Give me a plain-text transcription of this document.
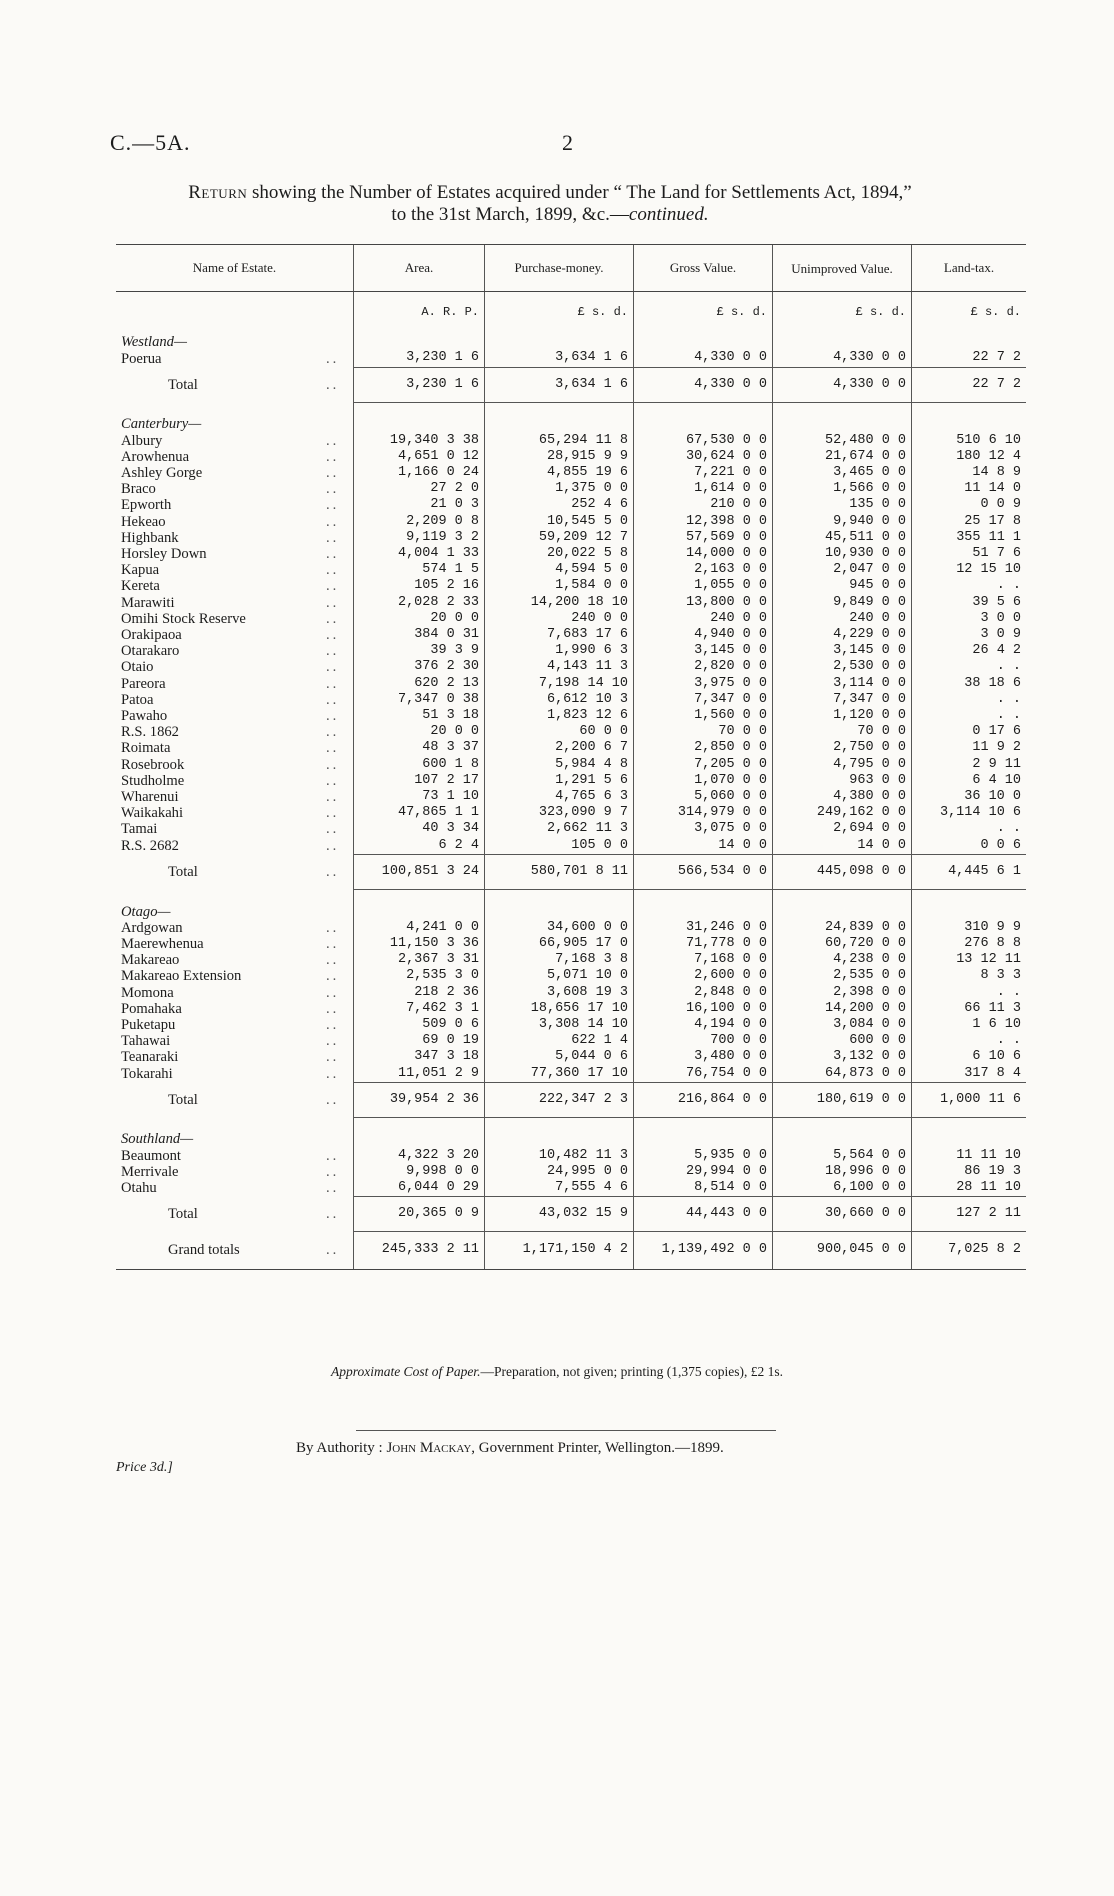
C.—5A.	2
Return showing the Number of Estates acquired under “ The Land for Settlements Act, 1894,”
to the 31st March, 1899, &c.—continued.
Name of Estate.		Area.	Purchase-money.	Gross Value.	Unimproved Value.	Land-tax.
		A. R. P.	£ s. d.	£ s. d.	£ s. d.	£ s. d.
Westland—						
Poerua	..	3,230 1 6	3,634 1 6	4,330 0 0	4,330 0 0	22 7 2
Total	..	3,230 1 6	3,634 1 6	4,330 0 0	4,330 0 0	22 7 2
Canterbury—						
Albury	..	19,340 3 38	65,294 11 8	67,530 0 0	52,480 0 0	510 6 10
Arowhenua	..	4,651 0 12	28,915 9 9	30,624 0 0	21,674 0 0	180 12 4
Ashley Gorge	..	1,166 0 24	4,855 19 6	7,221 0 0	3,465 0 0	14 8 9
Braco	..	27 2 0	1,375 0 0	1,614 0 0	1,566 0 0	11 14 0
Epworth	..	21 0 3	252 4 6	210 0 0	135 0 0	0 0 9
Hekeao	..	2,209 0 8	10,545 5 0	12,398 0 0	9,940 0 0	25 17 8
Highbank	..	9,119 3 2	59,209 12 7	57,569 0 0	45,511 0 0	355 11 1
Horsley Down	..	4,004 1 33	20,022 5 8	14,000 0 0	10,930 0 0	51 7 6
Kapua	..	574 1 5	4,594 5 0	2,163 0 0	2,047 0 0	12 15 10
Kereta	..	105 2 16	1,584 0 0	1,055 0 0	945 0 0	. .
Marawiti	..	2,028 2 33	14,200 18 10	13,800 0 0	9,849 0 0	39 5 6
Omihi Stock Reserve	..	20 0 0	240 0 0	240 0 0	240 0 0	3 0 0
Orakipaoa	..	384 0 31	7,683 17 6	4,940 0 0	4,229 0 0	3 0 9
Otarakaro	..	39 3 9	1,990 6 3	3,145 0 0	3,145 0 0	26 4 2
Otaio	..	376 2 30	4,143 11 3	2,820 0 0	2,530 0 0	. .
Pareora	..	620 2 13	7,198 14 10	3,975 0 0	3,114 0 0	38 18 6
Patoa	..	7,347 0 38	6,612 10 3	7,347 0 0	7,347 0 0	. .
Pawaho	..	51 3 18	1,823 12 6	1,560 0 0	1,120 0 0	. .
R.S. 1862	..	20 0 0	60 0 0	70 0 0	70 0 0	0 17 6
Roimata	..	48 3 37	2,200 6 7	2,850 0 0	2,750 0 0	11 9 2
Rosebrook	..	600 1 8	5,984 4 8	7,205 0 0	4,795 0 0	2 9 11
Studholme	..	107 2 17	1,291 5 6	1,070 0 0	963 0 0	6 4 10
Wharenui	..	73 1 10	4,765 6 3	5,060 0 0	4,380 0 0	36 10 0
Waikakahi	..	47,865 1 1	323,090 9 7	314,979 0 0	249,162 0 0	3,114 10 6
Tamai	..	40 3 34	2,662 11 3	3,075 0 0	2,694 0 0	. .
R.S. 2682	..	6 2 4	105 0 0	14 0 0	14 0 0	0 0 6
Total	..	100,851 3 24	580,701 8 11	566,534 0 0	445,098 0 0	4,445 6 1
Otago—						
Ardgowan	..	4,241 0 0	34,600 0 0	31,246 0 0	24,839 0 0	310 9 9
Maerewhenua	..	11,150 3 36	66,905 17 0	71,778 0 0	60,720 0 0	276 8 8
Makareao	..	2,367 3 31	7,168 3 8	7,168 0 0	4,238 0 0	13 12 11
Makareao Extension	..	2,535 3 0	5,071 10 0	2,600 0 0	2,535 0 0	8 3 3
Momona	..	218 2 36	3,608 19 3	2,848 0 0	2,398 0 0	. .
Pomahaka	..	7,462 3 1	18,656 17 10	16,100 0 0	14,200 0 0	66 11 3
Puketapu	..	509 0 6	3,308 14 10	4,194 0 0	3,084 0 0	1 6 10
Tahawai	..	69 0 19	622 1 4	700 0 0	600 0 0	. .
Teanaraki	..	347 3 18	5,044 0 6	3,480 0 0	3,132 0 0	6 10 6
Tokarahi	..	11,051 2 9	77,360 17 10	76,754 0 0	64,873 0 0	317 8 4
Total	..	39,954 2 36	222,347 2 3	216,864 0 0	180,619 0 0	1,000 11 6
Southland—						
Beaumont	..	4,322 3 20	10,482 11 3	5,935 0 0	5,564 0 0	11 11 10
Merrivale	..	9,998 0 0	24,995 0 0	29,994 0 0	18,996 0 0	86 19 3
Otahu	..	6,044 0 29	7,555 4 6	8,514 0 0	6,100 0 0	28 11 10
Total	..	20,365 0 9	43,032 15 9	44,443 0 0	30,660 0 0	127 2 11
Grand totals	..	245,333 2 11	1,171,150 4 2	1,139,492 0 0	900,045 0 0	7,025 8 2
Approximate Cost of Paper.—Preparation, not given; printing (1,375 copies), £2 1s.
By Authority : John Mackay, Government Printer, Wellington.—1899.
Price 3d.]
